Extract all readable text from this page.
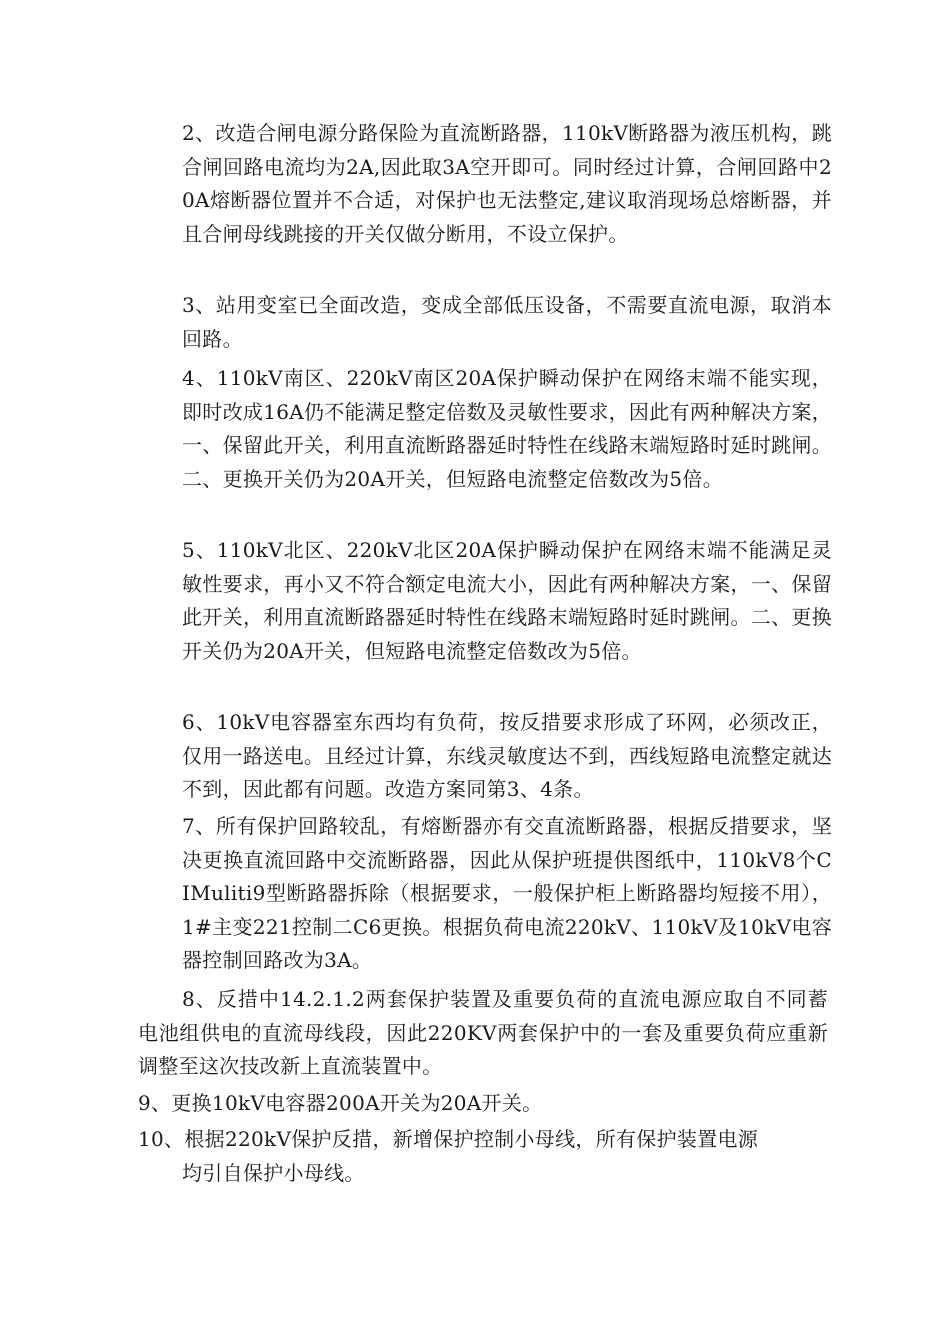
2、改造合闸电源分路保险为直流断路器，110kV断路器为液压机构，跳合闸回路电流均为2A,因此取3A空开即可。同时经过计算，合闸回路中20A熔断器位置并不合适，对保护也无法整定,建议取消现场总熔断器，并且合闸母线跳接的开关仅做分断用，不设立保护。

3、站用变室已全面改造，变成全部低压设备，不需要直流电源，取消本回路。

4、110kV南区、220kV南区20A保护瞬动保护在网络末端不能实现，即时改成16A仍不能满足整定倍数及灵敏性要求，因此有两种解决方案，一、保留此开关，利用直流断路器延时特性在线路末端短路时延时跳闸。二、更换开关仍为20A开关，但短路电流整定倍数改为5倍。

5、110kV北区、220kV北区20A保护瞬动保护在网络末端不能满足灵敏性要求，再小又不符合额定电流大小，因此有两种解决方案，一、保留此开关，利用直流断路器延时特性在线路末端短路时延时跳闸。二、更换开关仍为20A开关，但短路电流整定倍数改为5倍。

6、10kV电容器室东西均有负荷，按反措要求形成了环网，必须改正，仅用一路送电。且经过计算，东线灵敏度达不到，西线短路电流整定就达不到，因此都有问题。改造方案同第3、4条。

7、所有保护回路较乱，有熔断器亦有交直流断路器，根据反措要求，坚决更换直流回路中交流断路器，因此从保护班提供图纸中，110kV8个CIMuliti9型断路器拆除（根据要求，一般保护柜上断路器均短接不用），1#主变221控制二C6更换。根据负荷电流220kV、110kV及10kV电容器控制回路改为3A。

8、反措中14.2.1.2两套保护装置及重要负荷的直流电源应取自不同蓄电池组供电的直流母线段，因此220KV两套保护中的一套及重要负荷应重新调整至这次技改新上直流装置中。

9、更换10kV电容器200A开关为20A开关。

10、根据220kV保护反措，新增保护控制小母线，所有保护装置电源

均引自保护小母线。
